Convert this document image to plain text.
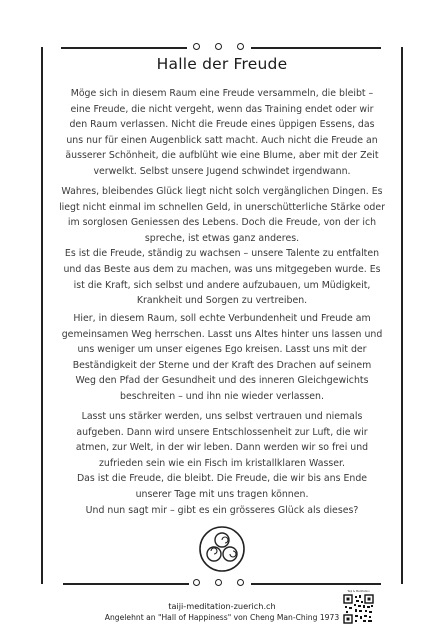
Halle der Freude

Möge sich in diesem Raum eine Freude versammeln, die bleibt –
eine Freude, die nicht vergeht, wenn das Training endet oder wir
den Raum verlassen. Nicht die Freude eines üppigen Essens, das
uns nur für einen Augenblick satt macht. Auch nicht die Freude an
äusserer Schönheit, die aufblüht wie eine Blume, aber mit der Zeit
verwelkt. Selbst unsere Jugend schwindet irgendwann.

Wahres, bleibendes Glück liegt nicht solch vergänglichen Dingen. Es
liegt nicht einmal im schnellen Geld, in unerschütterliche Stärke oder
im sorglosen Geniessen des Lebens. Doch die Freude, von der ich
spreche, ist etwas ganz anderes.
Es ist die Freude, ständig zu wachsen – unsere Talente zu entfalten
und das Beste aus dem zu machen, was uns mitgegeben wurde. Es
ist die Kraft, sich selbst und andere aufzubauen, um Müdigkeit,
Krankheit und Sorgen zu vertreiben.

Hier, in diesem Raum, soll echte Verbundenheit und Freude am
gemeinsamen Weg herrschen. Lasst uns Altes hinter uns lassen und
uns weniger um unser eigenes Ego kreisen. Lasst uns mit der
Beständigkeit der Sterne und der Kraft des Drachen auf seinem
Weg den Pfad der Gesundheit und des inneren Gleichgewichts
beschreiten – und ihn nie wieder verlassen.

Lasst uns stärker werden, uns selbst vertrauen und niemals
aufgeben. Dann wird unsere Entschlossenheit zur Luft, die wir
atmen, zur Welt, in der wir leben. Dann werden wir so frei und
zufrieden sein wie ein Fisch im kristallklaren Wasser.
Das ist die Freude, die bleibt. Die Freude, die wir bis ans Ende
unserer Tage mit uns tragen können.
Und nun sagt mir – gibt es ein grösseres Glück als dieses?

taiji-meditation-zuerich.ch
Angelehnt an "Hall of Happiness" von Cheng Man-Ching 1973
Taiji & Meditation
